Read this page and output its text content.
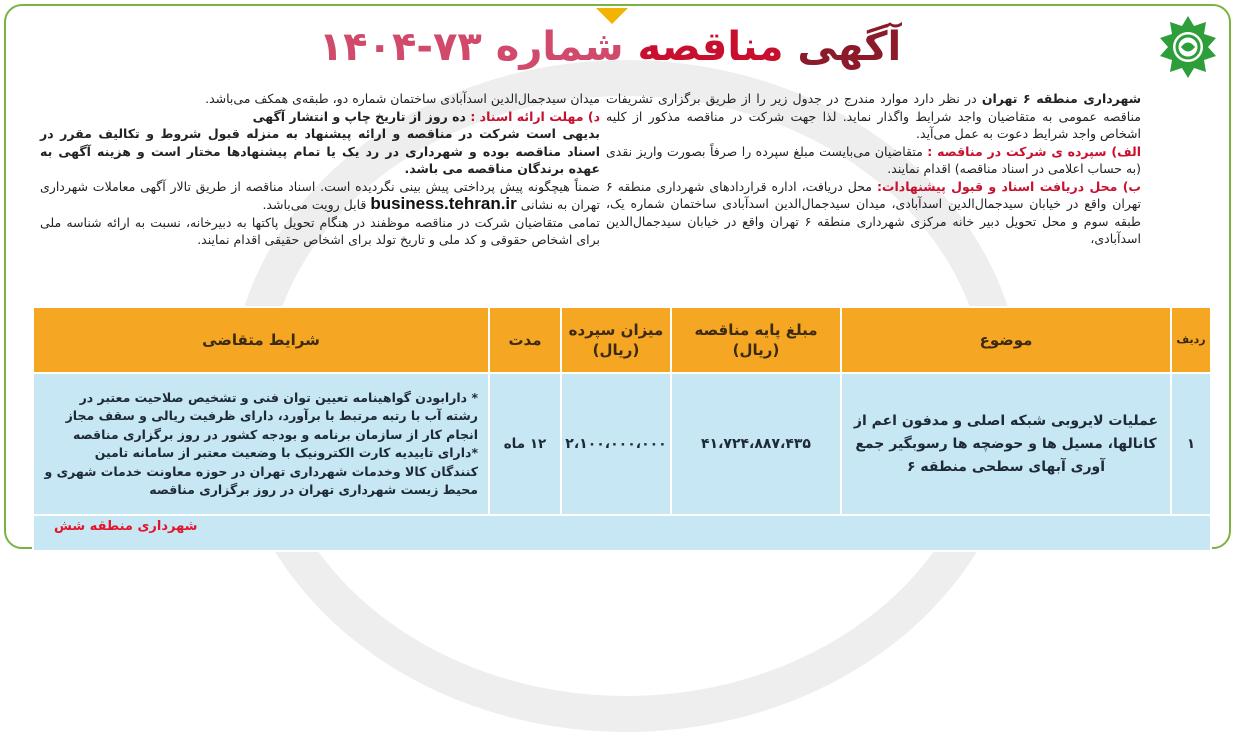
آگهی مناقصه شماره ۷۳-۱۴۰۴

شهرداری منطقه ۶ تهران در نظر دارد موارد مندرج در جدول زیر را از طریق برگزاری تشریفات مناقصه عمومی به متقاضیان واجد شرایط واگذار نماید. لذا جهت شرکت در مناقصه مذکور از کلیه اشخاص واجد شرایط دعوت به عمل می‌آید.

الف) سپرده ی شرکت در مناقصه : متقاضیان می‌بایست مبلغ سپرده را صرفاً بصورت واریز نقدی (به حساب اعلامی در اسناد مناقصه) اقدام نمایند.

ب) محل دریافت اسناد و قبول پیشنهادات: محل دریافت، اداره قراردادهای شهرداری منطقه ۶ تهران واقع در خیابان سیدجمال‌الدین اسدآبادی، میدان سیدجمال‌الدین اسدآبادی ساختمان شماره یک، طبقه سوم و محل تحویل دبیر خانه مرکزی شهرداری منطقه ۶ تهران واقع در خیابان سیدجمال‌الدین اسدآبادی،

میدان سیدجمال‌الدین اسدآبادی ساختمان شماره دو، طبقه‌ی همکف می‌باشد.

د) مهلت ارائه اسناد : ده روز از تاریخ چاپ و انتشار آگهی

بدیهی است شرکت در مناقصه و ارائه پیشنهاد به منزله قبول شروط و تکالیف مقرر در اسناد مناقصه بوده و شهرداری در رد یک یا تمام پیشنهادها مختار است و هزینه آگهی به عهده برندگان مناقصه می باشد.

ضمناً هیچگونه پیش پرداختی پیش بینی نگردیده است. اسناد مناقصه از طریق تالار آگهی معاملات شهرداری تهران به نشانی business.tehran.ir قابل رویت می‌باشد.

تمامی متقاضیان شرکت در مناقصه موظفند در هنگام تحویل پاکتها به دبیرخانه، نسبت به ارائه شناسه ملی برای اشخاص حقوقی و کد ملی و تاریخ تولد برای اشخاص حقیقی اقدام نمایند.

ردیف	موضوع	مبلغ پایه مناقصه (ریال)	میزان سپرده (ریال)	مدت	شرایط متقاضی
۱	عملیات لایروبی شبکه اصلی و مدفون اعم از کانالها، مسیل ها و حوضچه ها رسوبگیر جمع آوری آبهای سطحی منطقه ۶	۴۱،۷۲۴،۸۸۷،۴۳۵	۲،۱۰۰،۰۰۰،۰۰۰	۱۲ ماه	* دارابودن گواهینامه تعیین توان فنی و تشخیص صلاحیت معتبر در رشته آب با رتبه مرتبط با برآورد، دارای ظرفیت ریالی و سقف مجاز انجام کار از سازمان برنامه و بودجه کشور در روز برگزاری مناقصه
*دارای تاییدیه کارت الکترونیک با وضعیت معتبر از سامانه تامین کنندگان کالا وخدمات شهرداری تهران در حوزه معاونت خدمات شهری و محیط زیست شهرداری تهران در روز برگزاری مناقصه

شهرداری منطقه شش
